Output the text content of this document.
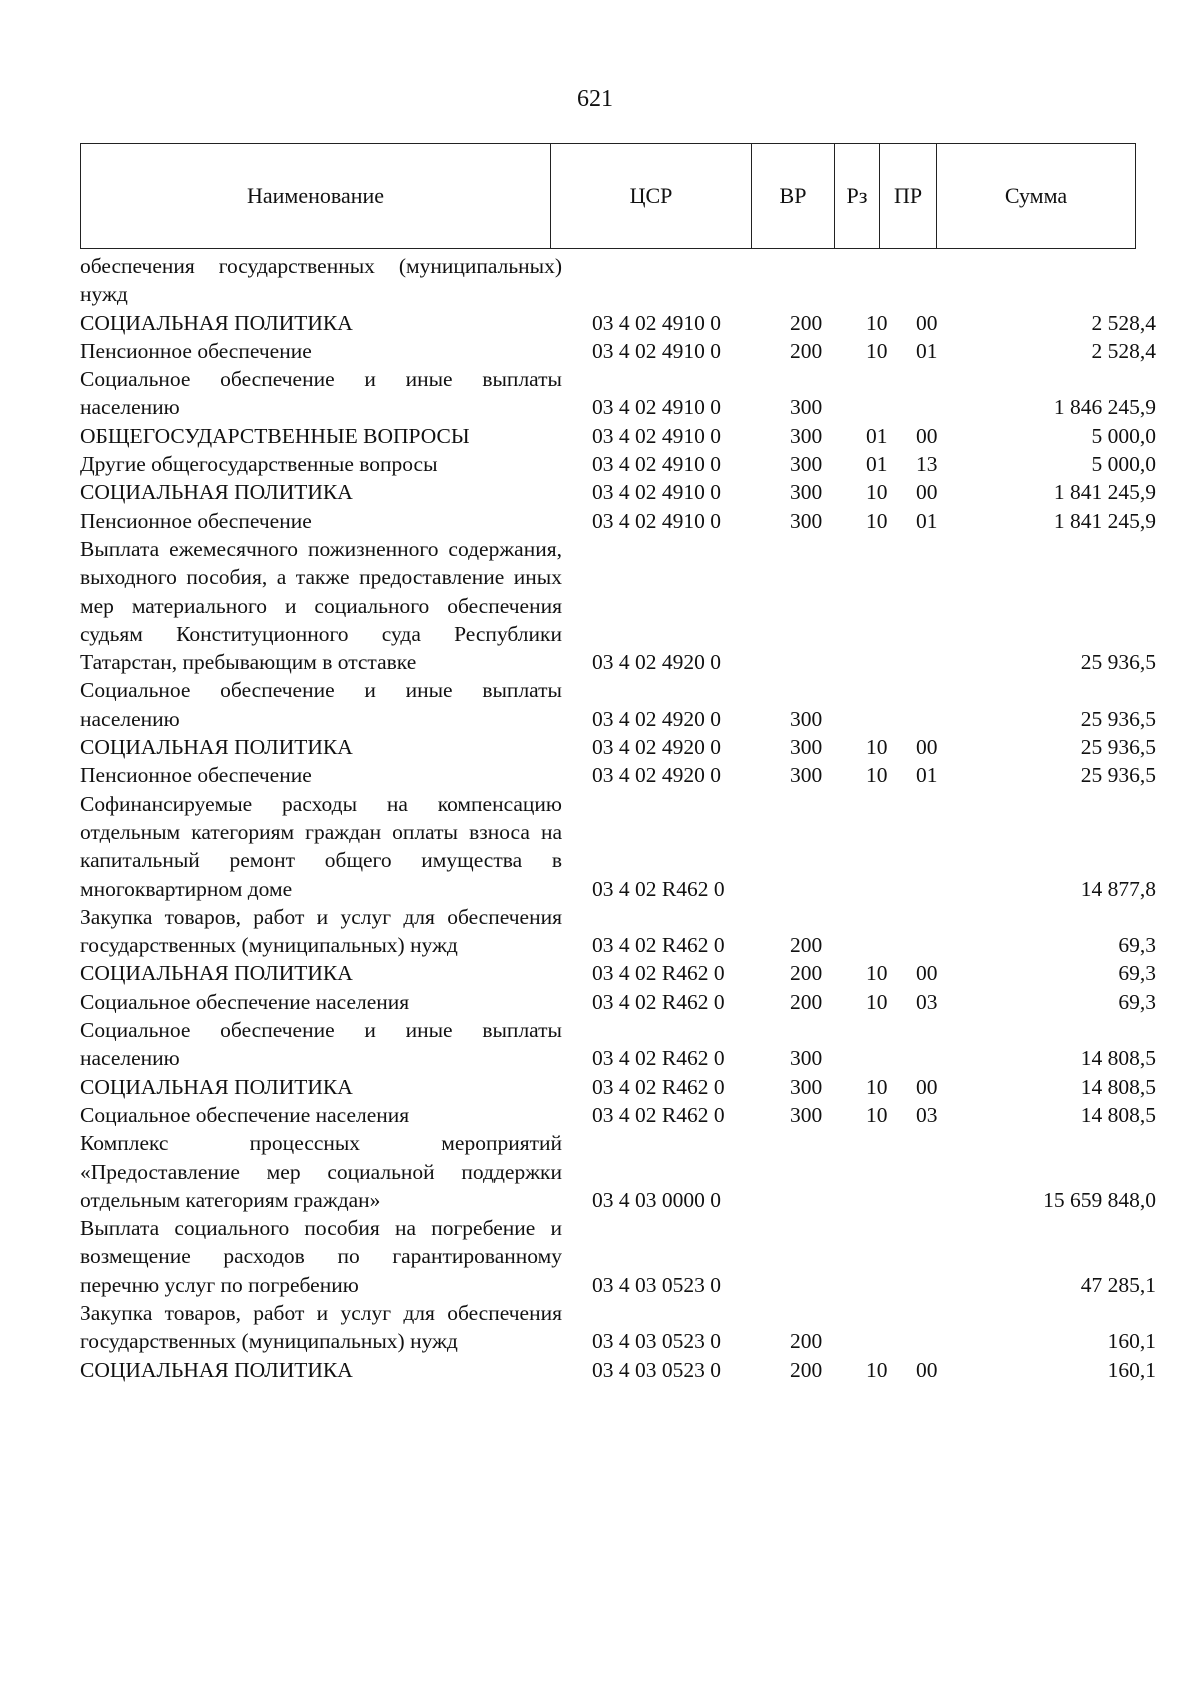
621
Наименование	ЦСР	ВР	Рз	ПР	Сумма
обеспечения государственных (муниципальных) нужд					
СОЦИАЛЬНАЯ ПОЛИТИКА	03 4 02 4910 0	200	10	00	2 528,4
Пенсионное обеспечение	03 4 02 4910 0	200	10	01	2 528,4
Социальное обеспечение и иные выплаты населению	03 4 02 4910 0	300			1 846 245,9
ОБЩЕГОСУДАРСТВЕННЫЕ ВОПРОСЫ	03 4 02 4910 0	300	01	00	5 000,0
Другие общегосударственные вопросы	03 4 02 4910 0	300	01	13	5 000,0
СОЦИАЛЬНАЯ ПОЛИТИКА	03 4 02 4910 0	300	10	00	1 841 245,9
Пенсионное обеспечение	03 4 02 4910 0	300	10	01	1 841 245,9
Выплата ежемесячного пожизненного содержания, выходного пособия, а также предоставление иных мер материального и социального обеспечения судьям Конституционного суда Республики Татарстан, пребывающим в отставке	03 4 02 4920 0				25 936,5
Социальное обеспечение и иные выплаты населению	03 4 02 4920 0	300			25 936,5
СОЦИАЛЬНАЯ ПОЛИТИКА	03 4 02 4920 0	300	10	00	25 936,5
Пенсионное обеспечение	03 4 02 4920 0	300	10	01	25 936,5
Софинансируемые расходы на компенсацию отдельным категориям граждан оплаты взноса на капитальный ремонт общего имущества в многоквартирном доме	03 4 02 R462 0				14 877,8
Закупка товаров, работ и услуг для обеспечения государственных (муниципальных) нужд	03 4 02 R462 0	200			69,3
СОЦИАЛЬНАЯ ПОЛИТИКА	03 4 02 R462 0	200	10	00	69,3
Социальное обеспечение населения	03 4 02 R462 0	200	10	03	69,3
Социальное обеспечение и иные выплаты населению	03 4 02 R462 0	300			14 808,5
СОЦИАЛЬНАЯ ПОЛИТИКА	03 4 02 R462 0	300	10	00	14 808,5
Социальное обеспечение населения	03 4 02 R462 0	300	10	03	14 808,5
Комплекс процессных мероприятий «Предоставление мер социальной поддержки отдельным категориям граждан»	03 4 03 0000 0				15 659 848,0
Выплата социального пособия на погребение и возмещение расходов по гарантированному перечню услуг по погребению	03 4 03 0523 0				47 285,1
Закупка товаров, работ и услуг для обеспечения государственных (муниципальных) нужд	03 4 03 0523 0	200			160,1
СОЦИАЛЬНАЯ ПОЛИТИКА	03 4 03 0523 0	200	10	00	160,1
